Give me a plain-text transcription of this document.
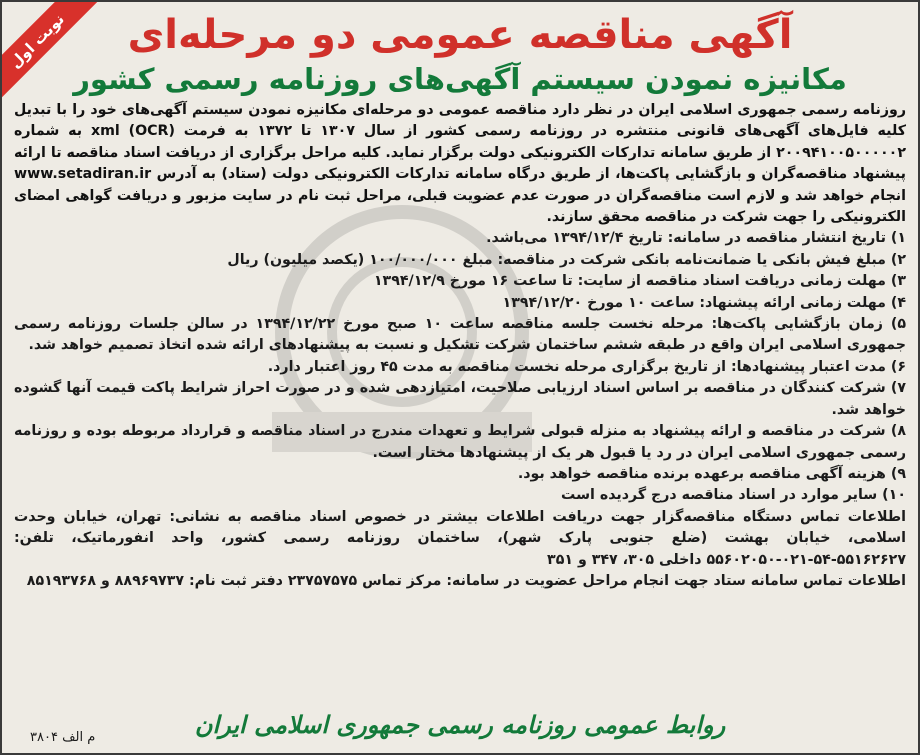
نوبت اول	آگهی مناقصه عمومی دو مرحله‌ای
مکانیزه نمودن سیستم آگهی‌های روزنامه رسمی کشور

روزنامه رسمی جمهوری اسلامی ایران در نظر دارد مناقصه عمومی دو مرحله‌ای مکانیزه نمودن سیستم آگهی‌های خود را با تبدیل کلیه فایل‌های آگهی‌های قانونی منتشره در روزنامه رسمی کشور از سال ۱۳۰۷ تا ۱۳۷۲ به فرمت xml (OCR) به شماره ۲۰۰۹۴۱۰۰۵۰۰۰۰۰۲ از طریق سامانه تدارکات الکترونیکی دولت برگزار نماید. کلیه مراحل برگزاری از دریافت اسناد مناقصه تا ارائه پیشنهاد مناقصه‌گران و بازگشایی پاکت‌ها، از طریق درگاه سامانه تدارکات الکترونیکی دولت (ستاد) به آدرس www.setadiran.ir انجام خواهد شد و لازم است مناقصه‌گران در صورت عدم عضویت قبلی، مراحل ثبت نام در سایت مزبور و دریافت گواهی امضای الکترونیکی را جهت شرکت در مناقصه محقق سازند.

۱) تاریخ انتشار مناقصه در سامانه: تاریخ ۱۳۹۴/۱۲/۴ می‌باشد.
۲) مبلغ فیش بانکی یا ضمانت‌نامه بانکی شرکت در مناقصه: مبلغ ۱۰۰/۰۰۰/۰۰۰ (یکصد میلیون) ریال
۳) مهلت زمانی دریافت اسناد مناقصه از سایت: تا ساعت ۱۶ مورخ ۱۳۹۴/۱۲/۹
۴) مهلت زمانی ارائه پیشنهاد: ساعت ۱۰ مورخ ۱۳۹۴/۱۲/۲۰
۵) زمان بازگشایی پاکت‌ها: مرحله نخست جلسه مناقصه ساعت ۱۰ صبح مورخ ۱۳۹۴/۱۲/۲۲ در سالن جلسات روزنامه رسمی جمهوری اسلامی ایران واقع در طبقه ششم ساختمان شرکت تشکیل و نسبت به پیشنهادهای ارائه شده اتخاذ تصمیم خواهد شد.
۶) مدت اعتبار پیشنهادها: از تاریخ برگزاری مرحله نخست مناقصه به مدت ۴۵ روز اعتبار دارد.
۷) شرکت کنندگان در مناقصه بر اساس اسناد ارزیابی صلاحیت، امتیازدهی شده و در صورت احراز شرایط پاکت قیمت آنها گشوده خواهد شد.
۸) شرکت در مناقصه و ارائه پیشنهاد به منزله قبولی شرایط و تعهدات مندرج در اسناد مناقصه و قرارداد مربوطه بوده و روزنامه رسمی جمهوری اسلامی ایران در رد یا قبول هر یک از پیشنهادها مختار است.
۹) هزینه آگهی مناقصه برعهده برنده مناقصه خواهد بود.
۱۰) سایر موارد در اسناد مناقصه درج گردیده است

اطلاعات تماس دستگاه مناقصه‌گزار جهت دریافت اطلاعات بیشتر در خصوص اسناد مناقصه به نشانی: تهران، خیابان وحدت اسلامی، خیابان بهشت (ضلع جنوبی پارک شهر)، ساختمان روزنامه رسمی کشور، واحد انفورماتیک، تلفن: ۵۵۱۶۲۶۲۷-۵۴-۰۲۱-۵۵۶۰۲۰۵۰ داخلی ۳۰۵، ۳۴۷ و ۳۵۱

اطلاعات تماس سامانه ستاد جهت انجام مراحل عضویت در سامانه: مرکز تماس ۲۳۷۵۷۵۷۵ دفتر ثبت نام: ۸۸۹۶۹۷۳۷ و ۸۵۱۹۳۷۶۸

روابط عمومی روزنامه رسمی جمهوری اسلامی ایران
م الف ۳۸۰۴
